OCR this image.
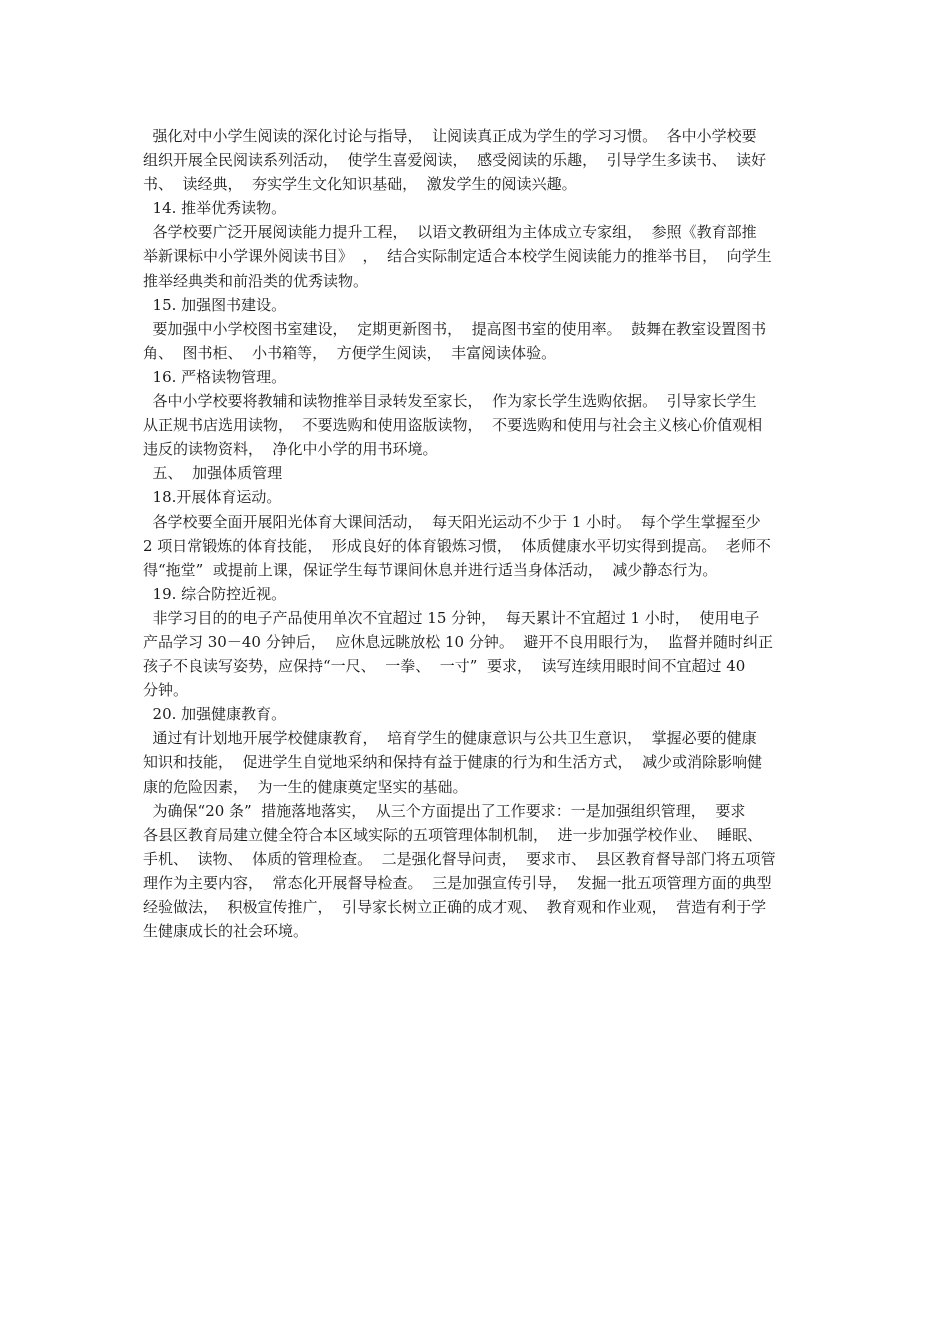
强化对中小学生阅读的深化讨论与指导，  让阅读真正成为学生的学习习惯。  各中小学校要
组织开展全民阅读系列活动，  使学生喜爱阅读，  感受阅读的乐趣，  引导学生多读书、  读好
书、  读经典，  夯实学生文化知识基础，  激发学生的阅读兴趣。
14. 推举优秀读物。
各学校要广泛开展阅读能力提升工程，  以语文教研组为主体成立专家组，  参照《教育部推
举新课标中小学课外阅读书目》  ，  结合实际制定适合本校学生阅读能力的推举书目，  向学生
推举经典类和前沿类的优秀读物。
15. 加强图书建设。
要加强中小学校图书室建设，  定期更新图书，  提高图书室的使用率。  鼓舞在教室设置图书
角、  图书柜、  小书箱等，  方便学生阅读，  丰富阅读体验。
16. 严格读物管理。
各中小学校要将教辅和读物推举目录转发至家长，  作为家长学生选购依据。  引导家长学生
从正规书店选用读物，  不要选购和使用盗版读物，  不要选购和使用与社会主义核心价值观相
违反的读物资料，  净化中小学的用书环境。
五、  加强体质管理
18.开展体育运动。
各学校要全面开展阳光体育大课间活动，  每天阳光运动不少于 1 小时。  每个学生掌握至少
2 项日常锻炼的体育技能，  形成良好的体育锻炼习惯，  体质健康水平切实得到提高。  老师不
得“拖堂”  或提前上课，保证学生每节课间休息并进行适当身体活动，  减少静态行为。
19. 综合防控近视。
非学习目的的电子产品使用单次不宜超过 15 分钟，  每天累计不宜超过 1 小时，  使用电子
产品学习 30－40 分钟后，  应休息远眺放松 10 分钟。  避开不良用眼行为，  监督并随时纠正
孩子不良读写姿势，应保持“一尺、  一拳、  一寸”  要求，  读写连续用眼时间不宜超过 40
分钟。
20. 加强健康教育。
通过有计划地开展学校健康教育，  培育学生的健康意识与公共卫生意识，  掌握必要的健康
知识和技能，  促进学生自觉地采纳和保持有益于健康的行为和生活方式，  减少或消除影响健
康的危险因素，  为一生的健康奠定坚实的基础。
为确保“20 条”  措施落地落实，  从三个方面提出了工作要求：一是加强组织管理，  要求
各县区教育局建立健全符合本区域实际的五项管理体制机制，  进一步加强学校作业、  睡眠、
手机、  读物、  体质的管理检查。  二是强化督导问责，  要求市、  县区教育督导部门将五项管
理作为主要内容，  常态化开展督导检查。  三是加强宣传引导，  发掘一批五项管理方面的典型
经验做法，  积极宣传推广，  引导家长树立正确的成才观、  教育观和作业观，  营造有利于学
生健康成长的社会环境。
